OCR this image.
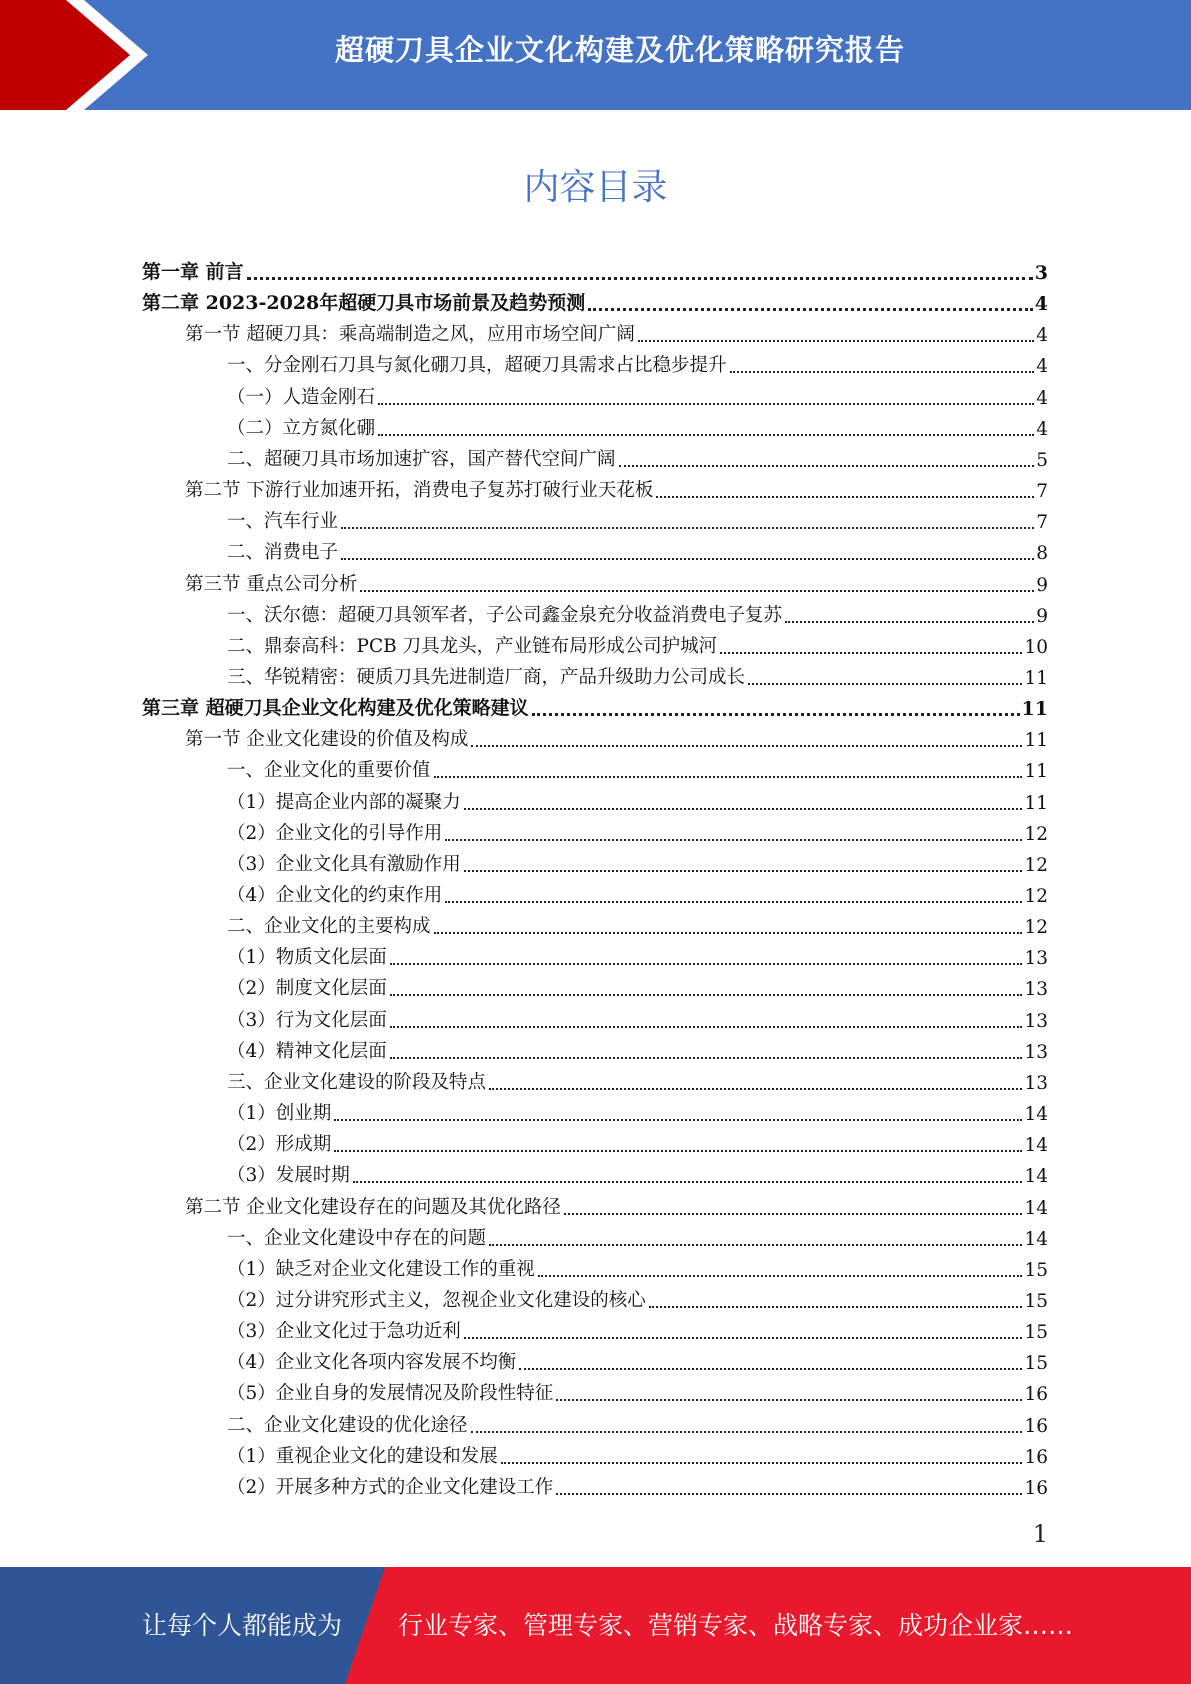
超硬刀具企业文化构建及优化策略研究报告
内容目录
第一章 前言	3
第二章 2023-2028年超硬刀具市场前景及趋势预测	4
第一节 超硬刀具：乘高端制造之风，应用市场空间广阔	4
一、分金刚石刀具与氮化硼刀具，超硬刀具需求占比稳步提升	4
（一）人造金刚石	4
（二）立方氮化硼	4
二、超硬刀具市场加速扩容，国产替代空间广阔	5
第二节 下游行业加速开拓，消费电子复苏打破行业天花板	7
一、汽车行业	7
二、消费电子	8
第三节 重点公司分析	9
一、沃尔德：超硬刀具领军者，子公司鑫金泉充分收益消费电子复苏	9
二、鼎泰高科：PCB 刀具龙头，产业链布局形成公司护城河	10
三、华锐精密：硬质刀具先进制造厂商，产品升级助力公司成长	11
第三章 超硬刀具企业文化构建及优化策略建议	11
第一节 企业文化建设的价值及构成	11
一、企业文化的重要价值	11
（1）提高企业内部的凝聚力	11
（2）企业文化的引导作用	12
（3）企业文化具有激励作用	12
（4）企业文化的约束作用	12
二、企业文化的主要构成	12
（1）物质文化层面	13
（2）制度文化层面	13
（3）行为文化层面	13
（4）精神文化层面	13
三、企业文化建设的阶段及特点	13
（1）创业期	14
（2）形成期	14
（3）发展时期	14
第二节 企业文化建设存在的问题及其优化路径	14
一、企业文化建设中存在的问题	14
（1）缺乏对企业文化建设工作的重视	15
（2）过分讲究形式主义，忽视企业文化建设的核心	15
（3）企业文化过于急功近利	15
（4）企业文化各项内容发展不均衡	15
（5）企业自身的发展情况及阶段性特征	16
二、企业文化建设的优化途径	16
（1）重视企业文化的建设和发展	16
（2）开展多种方式的企业文化建设工作	16
1
让每个人都能成为 行业专家、管理专家、营销专家、战略专家、成功企业家……
